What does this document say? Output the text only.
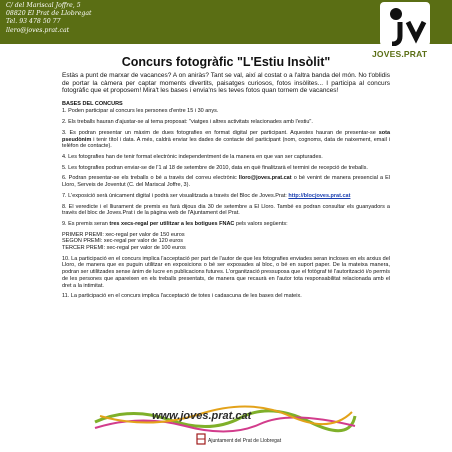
C/ del Mariscal Joffre, 5
08820 El Prat de Llobregat
Tel. 93 478 50 77
llero@joves.prat.cat
JOVES.PRAT
Concurs fotogràfic "L'Estiu Insòlit"

Estàs a punt de marxar de vacances? A on aniràs? Tant se val, així al costat o a l'altra banda del món. No t'oblidis de portar la càmera per captar moments divertits, paisatges curiosos, fotos insòlites... I participa al concurs fotogràfic que et proposem! Mira't les bases i envia'ns les teves fotos quan tornem de vacances!

BASES DEL CONCURS

1. Poden participar al concurs les persones d'entre 15 i 30 anys.

2. Els treballs hauran d'ajustar-se al tema proposat: "viatges i altres activitats relacionades amb l'estiu".

3. Es podran presentar un màxim de dues fotografies en format digital per participant. Aquestes hauran de presentar-se sota pseudònim i tenir títol i data. A més, caldrà enviar les dades de contacte del participant (nom, cognoms, data de naixement, email i telèfon de contacte).

4. Les fotografies han de tenir format electrònic independentment de la manera en que van ser capturades.

5. Les fotografies podran enviar-se de l'1 al 18 de setembre de 2010, data en què finalitzarà el termini de recepció de treballs.

6. Podran presentar-se els treballs o bé a través del correu electrònic lloro@joves.prat.cat o bé venint de manera presencial a El Lloro, Serveis de Joventut (C. del Mariscal Joffre, 3).

7. L'exposició serà únicament digital i podrà ser visualitzada a través del Bloc de Joves.Prat: http://blocjoves.prat.cat

8. El veredicte i el lliurament de premis es farà dijous dia 30 de setembre a El Lloro. També es podran consultar els guanyadors a través del bloc de Joves.Prat i de la pàgina web de l'Ajuntament del Prat.

9. Es premis seran tres xecs-regal per utilitzar a les botigues FNAC pels valors següents:

PRIMER PREMI: xec-regal per valor de 150 euros
SEGON PREMI: xec-regal per valor de 120 euros
TERCER PREMI: xec-regal per valor de 100 euros

10. La participació en el concurs implica l'acceptació per part de l'autor de que les fotografies enviades seran incloses en els arxius del Lloro, de manera que es puguin utilitzar en exposicions o bé ser exposades al bloc, o bé en suport paper. De la mateixa manera, podran ser utilitzades sense ànim de lucre en publicacions futures. L'organització pressuposa que el fotògraf té l'autorització i/o permís de les persones que apareixen en els treballs presentats, de manera que recaurà en l'autor tota responsabilitat relacionada amb el dret a la intimitat.

11. La participació en el concurs implica l'acceptació de totes i cadascuna de les bases del mateix.

www.joves.prat.cat
Ajuntament del Prat de Llobregat
